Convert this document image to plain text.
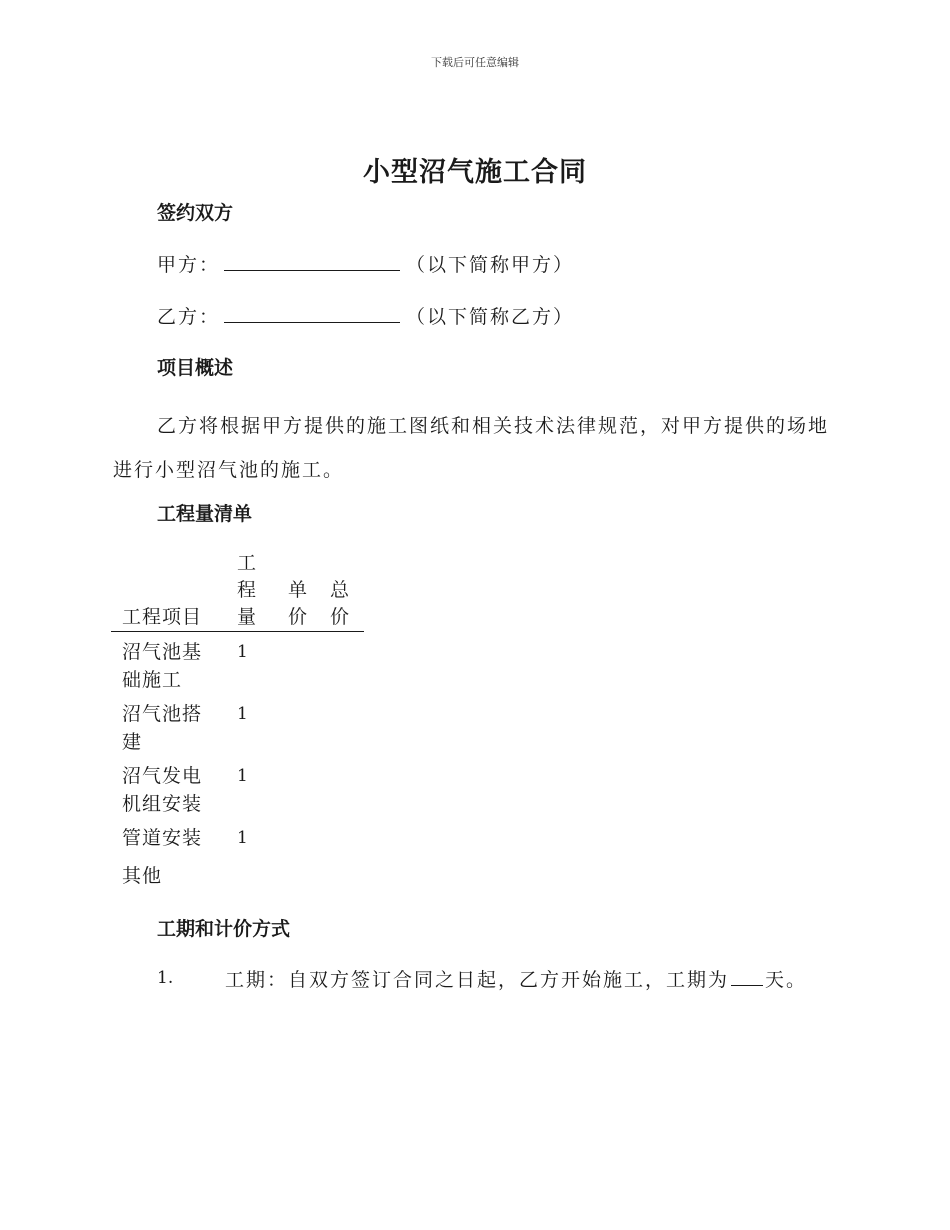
下载后可任意编辑
小型沼气施工合同
签约双方
甲方：	（以下简称甲方）
乙方：	（以下简称乙方）
项目概述
乙方将根据甲方提供的施工图纸和相关技术法律规范，对甲方提供的场地进行小型沼气池的施工。
工程量清单
工程项目	工程量	单价	总价

沼气池基础施工	1		

沼气池搭建	1		

沼气发电机组安装	1		

管道安装	1		

其他			

工期和计价方式
1.	工期：自双方签订合同之日起，乙方开始施工，工期为 天。
